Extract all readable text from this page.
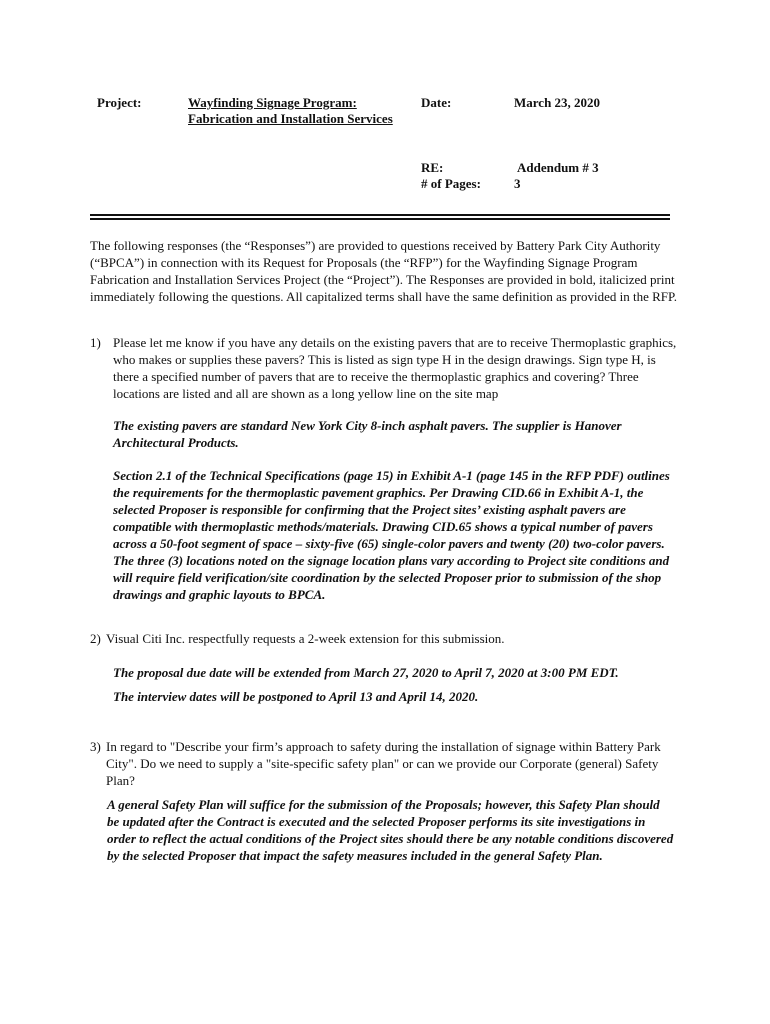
Project:	Wayfinding Signage Program:
Fabrication and Installation Services
Date:	March 23, 2020
RE:	Addendum # 3
# of Pages:	3
The following responses (the “Responses”) are provided to questions received by Battery Park City Authority (“BPCA”) in connection with its Request for Proposals (the “RFP”) for the Wayfinding Signage Program Fabrication and Installation Services Project (the “Project”). The Responses are provided in bold, italicized print immediately following the questions. All capitalized terms shall have the same definition as provided in the RFP.
1) Please let me know if you have any details on the existing pavers that are to receive Thermoplastic graphics, who makes or supplies these pavers? This is listed as sign type H in the design drawings. Sign type H, is there a specified number of pavers that are to receive the thermoplastic graphics and covering? Three locations are listed and all are shown as a long yellow line on the site map
The existing pavers are standard New York City 8-inch asphalt pavers. The supplier is Hanover Architectural Products.
Section 2.1 of the Technical Specifications (page 15) in Exhibit A-1 (page 145 in the RFP PDF) outlines the requirements for the thermoplastic pavement graphics. Per Drawing CID.66 in Exhibit A-1, the selected Proposer is responsible for confirming that the Project sites’ existing asphalt pavers are compatible with thermoplastic methods/materials. Drawing CID.65 shows a typical number of pavers across a 50-foot segment of space – sixty-five (65) single-color pavers and twenty (20) two-color pavers. The three (3) locations noted on the signage location plans vary according to Project site conditions and will require field verification/site coordination by the selected Proposer prior to submission of the shop drawings and graphic layouts to BPCA.
2) Visual Citi Inc. respectfully requests a 2-week extension for this submission.
The proposal due date will be extended from March 27, 2020 to April 7, 2020 at 3:00 PM EDT.
The interview dates will be postponed to April 13 and April 14, 2020.
3) In regard to "Describe your firm’s approach to safety during the installation of signage within Battery Park City". Do we need to supply a "site-specific safety plan" or can we provide our Corporate (general) Safety Plan?
A general Safety Plan will suffice for the submission of the Proposals; however, this Safety Plan should be updated after the Contract is executed and the selected Proposer performs its site investigations in order to reflect the actual conditions of the Project sites should there be any notable conditions discovered by the selected Proposer that impact the safety measures included in the general Safety Plan.
